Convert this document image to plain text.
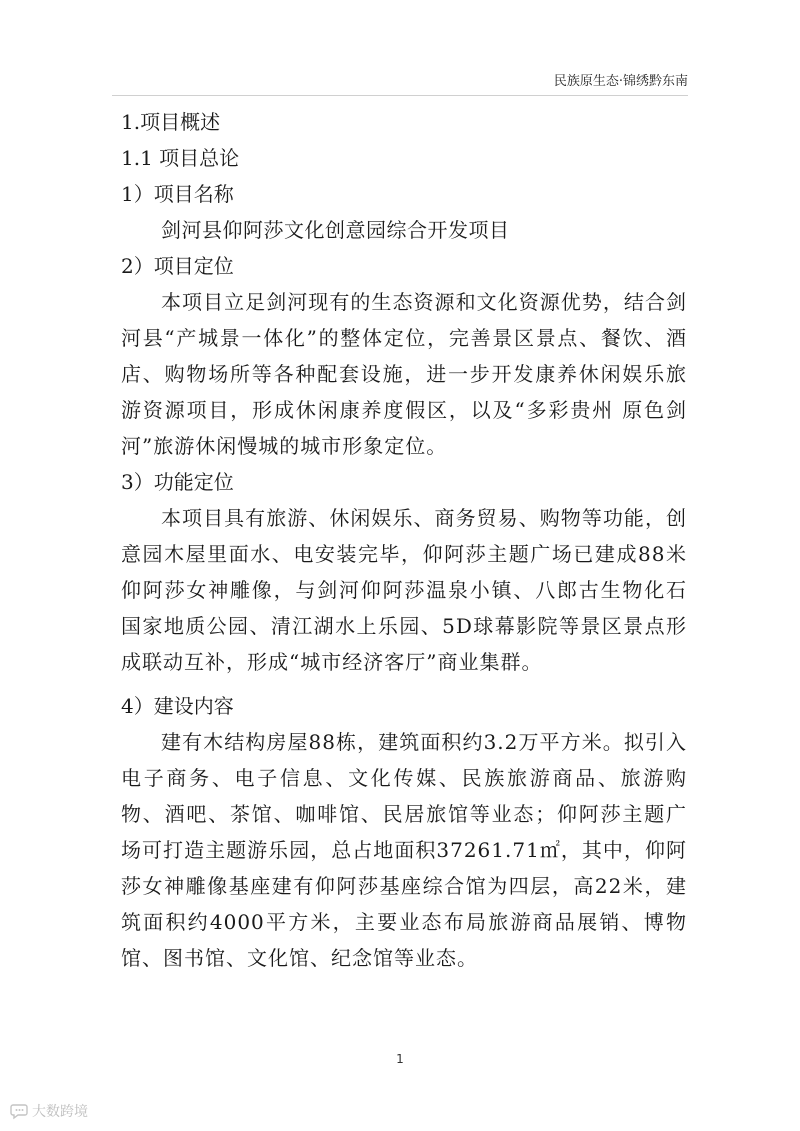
民族原生态·锦绣黔东南

1.项目概述

1.1 项目总论

1）项目名称

剑河县仰阿莎文化创意园综合开发项目

2）项目定位

本项目立足剑河现有的生态资源和文化资源优势，结合剑河县“产城景一体化”的整体定位，完善景区景点、餐饮、酒店、购物场所等各种配套设施，进一步开发康养休闲娱乐旅游资源项目，形成休闲康养度假区，以及“多彩贵州 原色剑河”旅游休闲慢城的城市形象定位。

3）功能定位

本项目具有旅游、休闲娱乐、商务贸易、购物等功能，创意园木屋里面水、电安装完毕，仰阿莎主题广场已建成88米仰阿莎女神雕像，与剑河仰阿莎温泉小镇、八郎古生物化石国家地质公园、清江湖水上乐园、5D球幕影院等景区景点形成联动互补，形成“城市经济客厅”商业集群。

4）建设内容

建有木结构房屋88栋，建筑面积约3.2万平方米。拟引入电子商务、电子信息、文化传媒、民族旅游商品、旅游购物、酒吧、茶馆、咖啡馆、民居旅馆等业态；仰阿莎主题广场可打造主题游乐园，总占地面积37261.71㎡，其中，仰阿莎女神雕像基座建有仰阿莎基座综合馆为四层，高22米，建筑面积约4000平方米，主要业态布局旅游商品展销、博物馆、图书馆、文化馆、纪念馆等业态。

1
大数跨境
